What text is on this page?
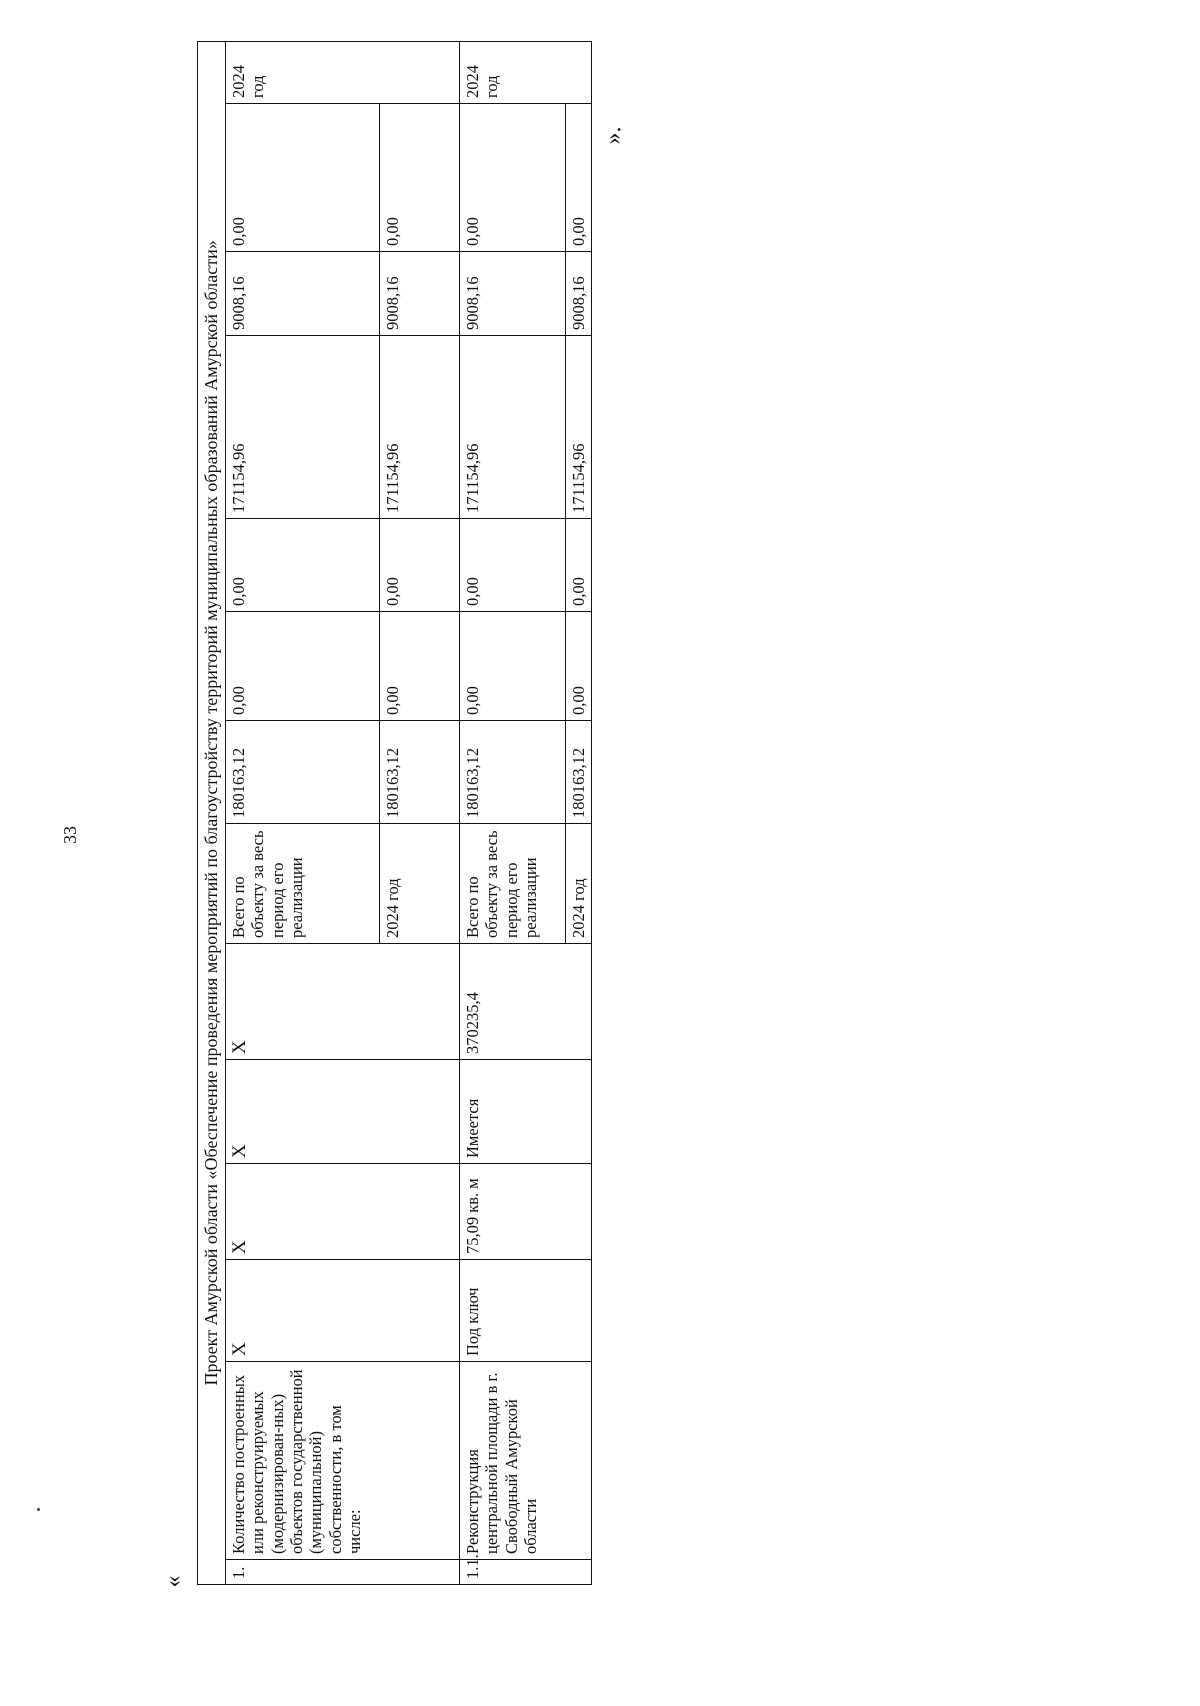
33
«
».
Проект Амурской области «Обеспечение проведения мероприятий по благоустройству территорий муниципальных образований Амурской области»													
1.	Количество построенных или реконструируемых (модернизирован-ных) объектов государственной (муниципальной) собственности, в том числе:	X	X	X	X	Всего по объекту за весь период его реализации	180163,12	0,00	0,00	171154,96	9008,16	0,00	2024 год
						2024 год	180163,12	0,00	0,00	171154,96	9008,16	0,00	
1.1.	Реконструкция центральной площади в г. Свободный Амурской области	Под ключ	75,09 кв. м	Имеется	370235,4	Всего по объекту за весь период его реализации	180163,12	0,00	0,00	171154,96	9008,16	0,00	2024 год
						2024 год	180163,12	0,00	0,00	171154,96	9008,16	0,00	
